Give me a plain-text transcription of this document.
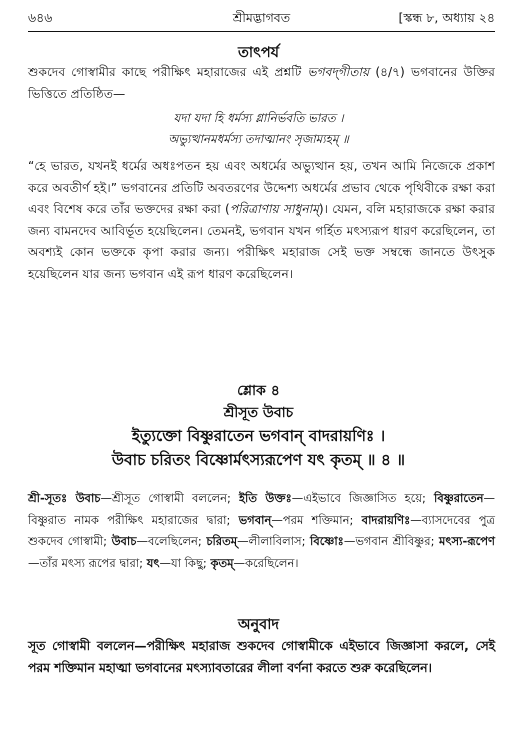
৬৪৬	শ্রীমদ্ভাগবত	[স্কন্ধ ৮, অধ্যায় ২৪
তাৎপর্য
শুকদেব গোস্বামীর কাছে পরীক্ষিৎ মহারাজের এই প্রশ্নটি ভগবদ্‌গীতায় (৪/৭) ভগবানের উক্তির ভিত্তিতে প্রতিষ্ঠিত—
যদা যদা হি ধর্মস্য গ্লানির্ভবতি ভারত ।
অভ্যুত্থানমধর্মস্য তদাত্মানং সৃজাম্যহম্‌ ॥
“হে ভারত, যখনই ধর্মের অধঃপতন হয় এবং অধর্মের অভ্যুত্থান হয়, তখন আমি নিজেকে প্রকাশ করে অবতীর্ণ হই।” ভগবানের প্রতিটি অবতরণের উদ্দেশ্য অধর্মের প্রভাব থেকে পৃথিবীকে রক্ষা করা এবং বিশেষ করে তাঁর ভক্তদের রক্ষা করা (পরিত্রাণায় সাধুনাম্‌)। যেমন, বলি মহারাজকে রক্ষা করার জন্য বামনদেব আবির্ভূত হয়েছিলেন। তেমনই, ভগবান যখন গর্হিত মৎস্যরূপ ধারণ করেছিলেন, তা অবশ্যই কোন ভক্তকে কৃপা করার জন্য। পরীক্ষিৎ মহারাজ সেই ভক্ত সম্বন্ধে জানতে উৎসুক হয়েছিলেন যার জন্য ভগবান এই রূপ ধারণ করেছিলেন।
শ্লোক ৪
শ্রীসূত উবাচ
ইত্যুক্তো বিষ্ণুরাতেন ভগবান্‌ বাদরায়ণিঃ ।
উবাচ চরিতং বিষ্ণোর্মৎস্যরূপেণ যৎ কৃতম্‌ ॥ ৪ ॥
শ্রী-সূতঃ উবাচ—শ্রীসূত গোস্বামী বললেন; ইতি উক্তঃ—এইভাবে জিজ্ঞাসিত হয়ে; বিষ্ণুরাতেন—বিষ্ণুরাত নামক পরীক্ষিৎ মহারাজের দ্বারা; ভগবান্‌—পরম শক্তিমান; বাদরায়ণিঃ—ব্যাসদেবের পুত্র শুকদেব গোস্বামী; উবাচ—বলেছিলেন; চরিতম্‌—লীলাবিলাস; বিষ্ণোঃ—ভগবান শ্রীবিষ্ণুর; মৎস্য-রূপেণ—তাঁর মৎস্য রূপের দ্বারা; যৎ—যা কিছু; কৃতম্‌—করেছিলেন।
অনুবাদ
সূত গোস্বামী বললেন—পরীক্ষিৎ মহারাজ শুকদেব গোস্বামীকে এইভাবে জিজ্ঞাসা করলে, সেই পরম শক্তিমান মহাত্মা ভগবানের মৎস্যাবতারের লীলা বর্ণনা করতে শুরু করেছিলেন।
